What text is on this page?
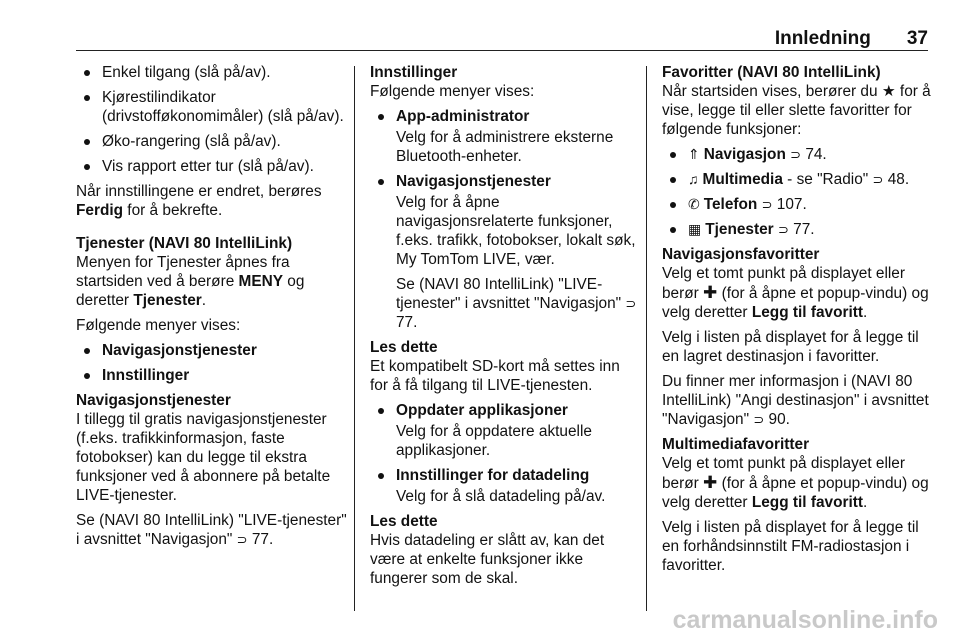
Innledning 37
Enkel tilgang (slå på/av).
Kjørestilindikator (drivstofføkonomimåler) (slå på/av).
Øko-rangering (slå på/av).
Vis rapport etter tur (slå på/av).

Når innstillingene er endret, berøres Ferdig for å bekrefte.

Tjenester (NAVI 80 IntelliLink)

Menyen for Tjenester åpnes fra startsiden ved å berøre MENY og deretter Tjenester.

Følgende menyer vises:

Navigasjonstjenester
Innstillinger

Navigasjonstjenester

I tillegg til gratis navigasjonstjenester (f.eks. trafikkinformasjon, faste fotobokser) kan du legge til ekstra funksjoner ved å abonnere på betalte LIVE-tjenester.

Se (NAVI 80 IntelliLink) "LIVE-tjenester" i avsnittet "Navigasjon" ⊃ 77.

Innstillinger

Følgende menyer vises:

App-administrator
Velg for å administrere eksterne Bluetooth-enheter.
Navigasjonstjenester
Velg for å åpne navigasjonsrelaterte funksjoner, f.eks. trafikk, fotobokser, lokalt søk, My TomTom LIVE, vær.
Se (NAVI 80 IntelliLink) "LIVE-tjenester" i avsnittet "Navigasjon" ⊃ 77.

Les dette

Et kompatibelt SD-kort må settes inn for å få tilgang til LIVE-tjenesten.

Oppdater applikasjoner
Velg for å oppdatere aktuelle applikasjoner.
Innstillinger for datadeling
Velg for å slå datadeling på/av.

Les dette

Hvis datadeling er slått av, kan det være at enkelte funksjoner ikke fungerer som de skal.

Favoritter (NAVI 80 IntelliLink)

Når startsiden vises, berører du ★ for å vise, legge til eller slette favoritter for følgende funksjoner:

⇑ Navigasjon ⊃ 74.
♫ Multimedia - se "Radio" ⊃ 48.
✆ Telefon ⊃ 107.
▦ Tjenester ⊃ 77.

Navigasjonsfavoritter

Velg et tomt punkt på displayet eller berør ✚ (for å åpne et popup-vindu) og velg deretter Legg til favoritt.

Velg i listen på displayet for å legge til en lagret destinasjon i favoritter.

Du finner mer informasjon i (NAVI 80 IntelliLink) "Angi destinasjon" i avsnittet "Navigasjon" ⊃ 90.

Multimediafavoritter

Velg et tomt punkt på displayet eller berør ✚ (for å åpne et popup-vindu) og velg deretter Legg til favoritt.

Velg i listen på displayet for å legge til en forhåndsinnstilt FM-radiostasjon i favoritter.

carmanualsonline.info
